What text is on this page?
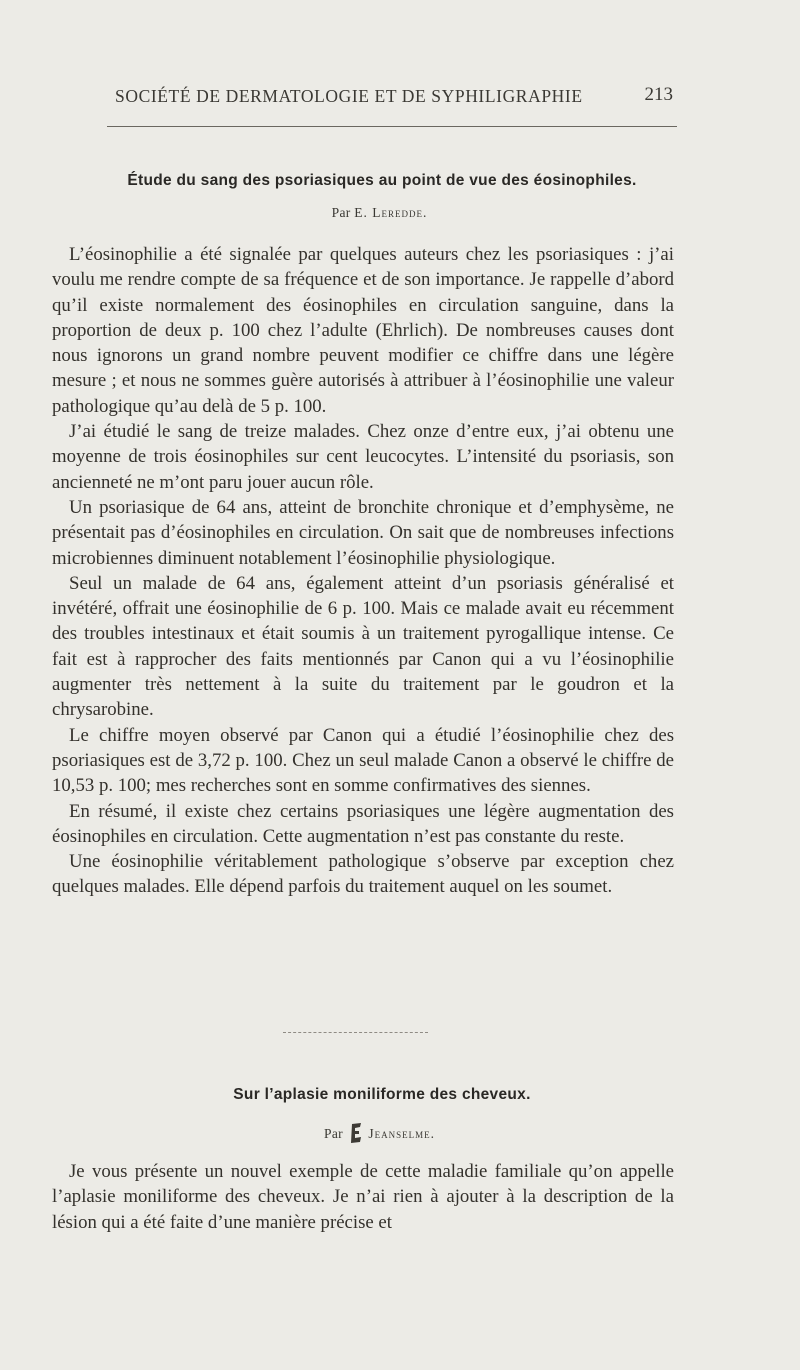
SOCIÉTÉ DE DERMATOLOGIE ET DE SYPHILIGRAPHIE	213
Étude du sang des psoriasiques au point de vue des éosinophiles.
Par E. Leredde.

L’éosinophilie a été signalée par quelques auteurs chez les psoriasiques : j’ai voulu me rendre compte de sa fréquence et de son importance. Je rappelle d’abord qu’il existe normalement des éosinophiles en circulation sanguine, dans la proportion de deux p. 100 chez l’adulte (Ehrlich). De nombreuses causes dont nous ignorons un grand nombre peuvent modifier ce chiffre dans une légère mesure ; et nous ne sommes guère autorisés à attribuer à l’éosinophilie une valeur pathologique qu’au delà de 5 p. 100.

J’ai étudié le sang de treize malades. Chez onze d’entre eux, j’ai obtenu une moyenne de trois éosinophiles sur cent leucocytes. L’intensité du psoriasis, son ancienneté ne m’ont paru jouer aucun rôle.

Un psoriasique de 64 ans, atteint de bronchite chronique et d’emphysème, ne présentait pas d’éosinophiles en circulation. On sait que de nombreuses infections microbiennes diminuent notablement l’éosinophilie physiologique.

Seul un malade de 64 ans, également atteint d’un psoriasis généralisé et invétéré, offrait une éosinophilie de 6 p. 100. Mais ce malade avait eu récemment des troubles intestinaux et était soumis à un traitement pyrogallique intense. Ce fait est à rapprocher des faits mentionnés par Canon qui a vu l’éosinophilie augmenter très nettement à la suite du traitement par le goudron et la chrysarobine.

Le chiffre moyen observé par Canon qui a étudié l’éosinophilie chez des psoriasiques est de 3,72 p. 100. Chez un seul malade Canon a observé le chiffre de 10,53 p. 100; mes recherches sont en somme confirmatives des siennes.

En résumé, il existe chez certains psoriasiques une légère augmentation des éosinophiles en circulation. Cette augmentation n’est pas constante du reste.

Une éosinophilie véritablement pathologique s’observe par exception chez quelques malades. Elle dépend parfois du traitement auquel on les soumet.

Sur l’aplasie moniliforme des cheveux.
Par Jeanselme.

Je vous présente un nouvel exemple de cette maladie familiale qu’on appelle l’aplasie moniliforme des cheveux. Je n’ai rien à ajouter à la description de la lésion qui a été faite d’une manière précise et
